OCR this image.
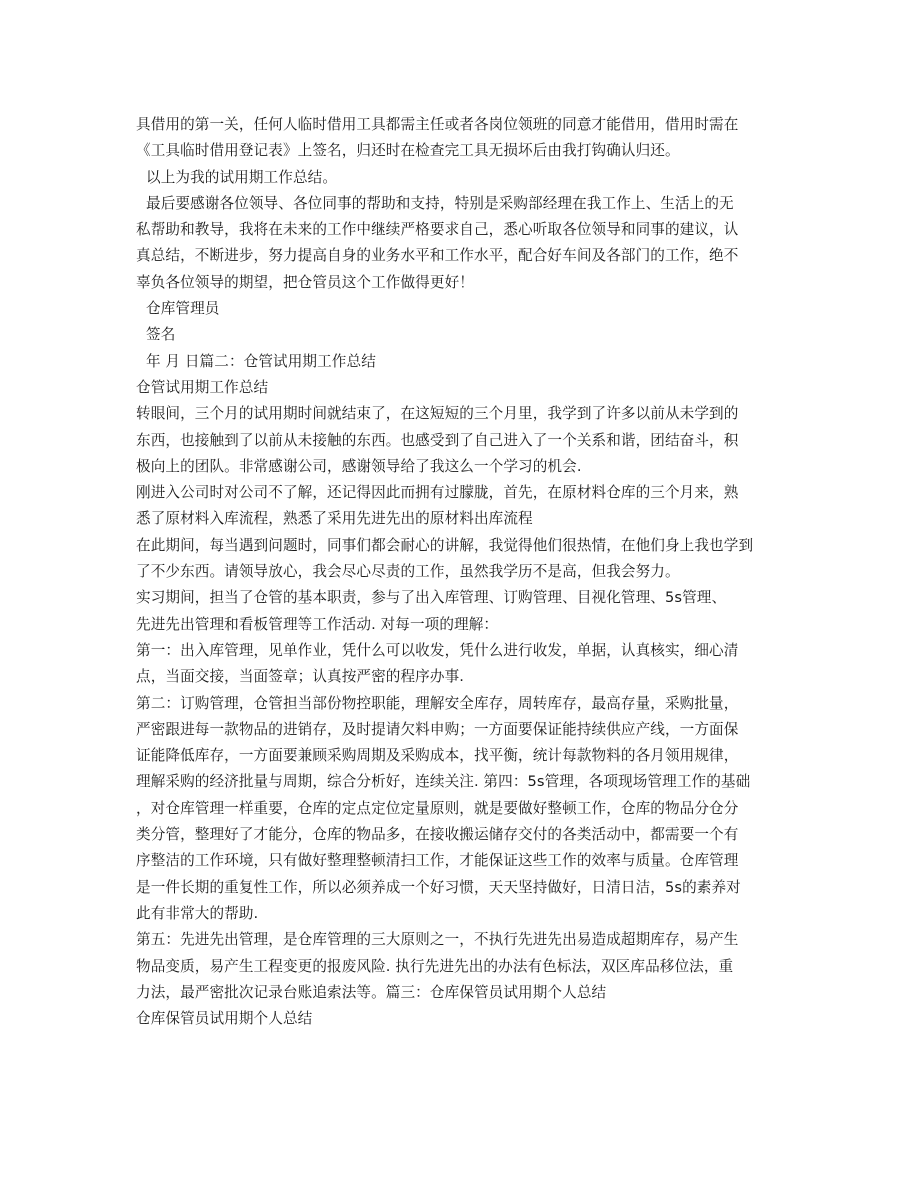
具借用的第一关，任何人临时借用工具都需主任或者各岗位领班的同意才能借用，借用时需在
《工具临时借用登记表》上签名，归还时在检查完工具无损坏后由我打钩确认归还。
以上为我的试用期工作总结。
最后要感谢各位领导、各位同事的帮助和支持，特别是采购部经理在我工作上、生活上的无
私帮助和教导，我将在未来的工作中继续严格要求自己，悉心听取各位领导和同事的建议，认
真总结，不断进步，努力提高自身的业务水平和工作水平，配合好车间及各部门的工作，绝不
辜负各位领导的期望，把仓管员这个工作做得更好！
仓库管理员
签名
年 月 日篇二：仓管试用期工作总结
仓管试用期工作总结
转眼间，三个月的试用期时间就结束了，在这短短的三个月里，我学到了许多以前从未学到的
东西，也接触到了以前从未接触的东西。也感受到了自己进入了一个关系和谐，团结奋斗，积
极向上的团队。非常感谢公司，感谢领导给了我这么一个学习的机会.
刚进入公司时对公司不了解，还记得因此而拥有过朦胧，首先，在原材料仓库的三个月来，熟
悉了原材料入库流程，熟悉了采用先进先出的原材料出库流程
在此期间，每当遇到问题时，同事们都会耐心的讲解，我觉得他们很热情，在他们身上我也学到
了不少东西。请领导放心，我会尽心尽责的工作，虽然我学历不是高，但我会努力。
实习期间，担当了仓管的基本职责，参与了出入库管理、订购管理、目视化管理、5s管理、
先进先出管理和看板管理等工作活动. 对每一项的理解：
第一：出入库管理，见单作业，凭什么可以收发，凭什么进行收发，单据，认真核实，细心清
点，当面交接，当面签章；认真按严密的程序办事.
第二：订购管理，仓管担当部份物控职能，理解安全库存，周转库存，最高存量，采购批量，
严密跟进每一款物品的进销存，及时提请欠料申购；一方面要保证能持续供应产线，一方面保
证能降低库存，一方面要兼顾采购周期及采购成本，找平衡，统计每款物料的各月领用规律，
理解采购的经济批量与周期，综合分析好，连续关注. 第四：5s管理，各项现场管理工作的基础
，对仓库管理一样重要，仓库的定点定位定量原则，就是要做好整顿工作，仓库的物品分仓分
类分管，整理好了才能分，仓库的物品多，在接收搬运储存交付的各类活动中，都需要一个有
序整洁的工作环境，只有做好整理整顿清扫工作，才能保证这些工作的效率与质量。仓库管理
是一件长期的重复性工作，所以必须养成一个好习惯，天天坚持做好，日清日洁，5s的素养对
此有非常大的帮助.
第五：先进先出管理，是仓库管理的三大原则之一，不执行先进先出易造成超期库存，易产生
物品变质，易产生工程变更的报废风险. 执行先进先出的办法有色标法，双区库品移位法，重
力法，最严密批次记录台账追索法等。篇三：仓库保管员试用期个人总结
仓库保管员试用期个人总结
